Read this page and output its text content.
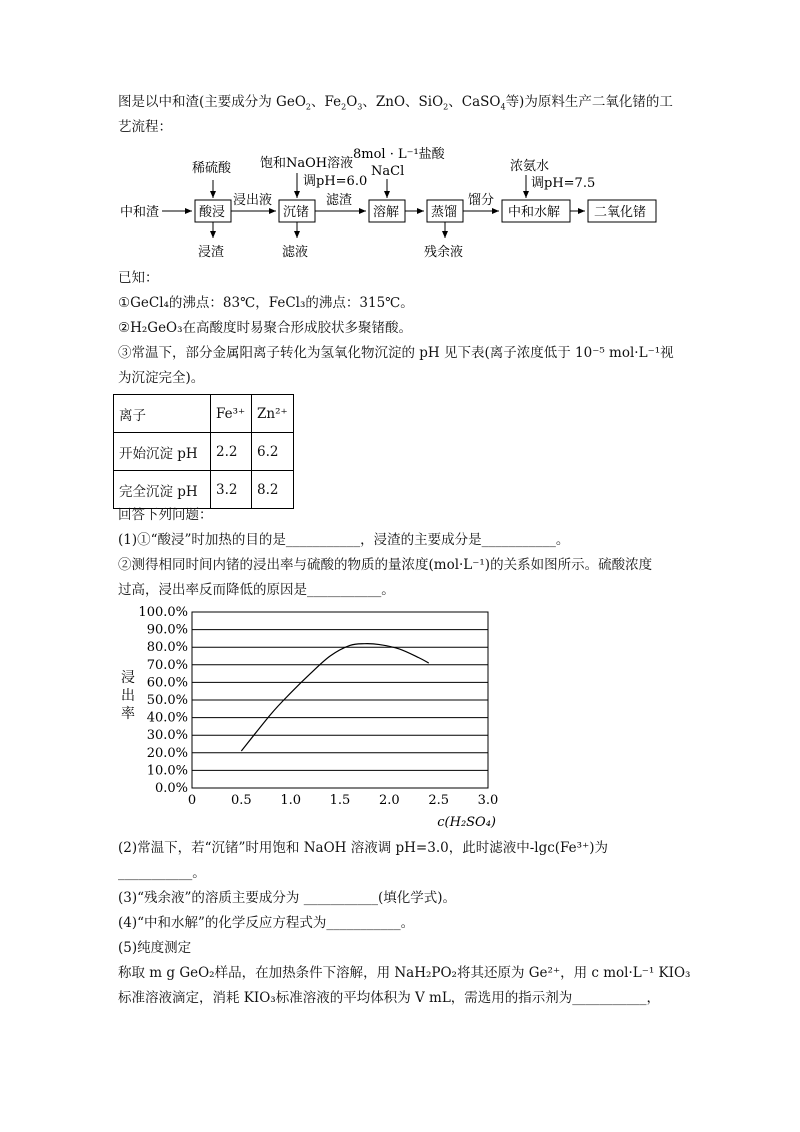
图是以中和渣(主要成分为 GeO$_2$、$Fe_2O_3$、ZnO、SiO$_2$、CaSO$_4$等)为原料生产二氧化锗的工
艺流程：
中和渣	酸浸
稀硫酸
浸渣
浸出液
沉锗
饱和NaOH溶液
调pH=6.0
滤液
滤渣
溶解
8mol · L⁻¹盐酸
NaCl
蒸馏
残余液
馏分
中和水解
浓氨水
调pH=7.5
二氧化锗
已知：
①GeCl₄的沸点：83℃，FeCl₃的沸点：315℃。
②H₂GeO₃在高酸度时易聚合形成胶状多聚锗酸。
③常温下，部分金属阳离子转化为氢氧化物沉淀的 pH 见下表(离子浓度低于 10⁻⁵ mol·L⁻¹视
为沉淀完全)。
离子	Fe³⁺	Zn²⁺
开始沉淀 pH	2.2	6.2
完全沉淀 pH	3.2	8.2
回答下列问题：
(1)①“酸浸”时加热的目的是___________，浸渣的主要成分是___________。
②测得相同时间内锗的浸出率与硫酸的物质的量浓度(mol·L⁻¹)的关系如图所示。硫酸浓度
过高，浸出率反而降低的原因是___________。
0.0%
10.0%
20.0%
30.0%
40.0%
50.0%
60.0%
70.0%
80.0%
90.0%
100.0%
0	0.5 1.0 1.5 2.0 2.5 3.0
浸
出
率
c(H₂SO₄)
(2)常温下，若“沉锗”时用饱和 NaOH 溶液调 pH=3.0，此时滤液中-lgc(Fe³⁺)为
___________。
(3)“残余液”的溶质主要成分为 ___________(填化学式)。
(4)“中和水解”的化学反应方程式为___________。
(5)纯度测定
称取 m g GeO₂样品，在加热条件下溶解，用 NaH₂PO₂将其还原为 Ge²⁺，用 c mol·L⁻¹ KIO₃
标准溶液滴定，消耗 KIO₃标准溶液的平均体积为 V mL，需选用的指示剂为___________，
